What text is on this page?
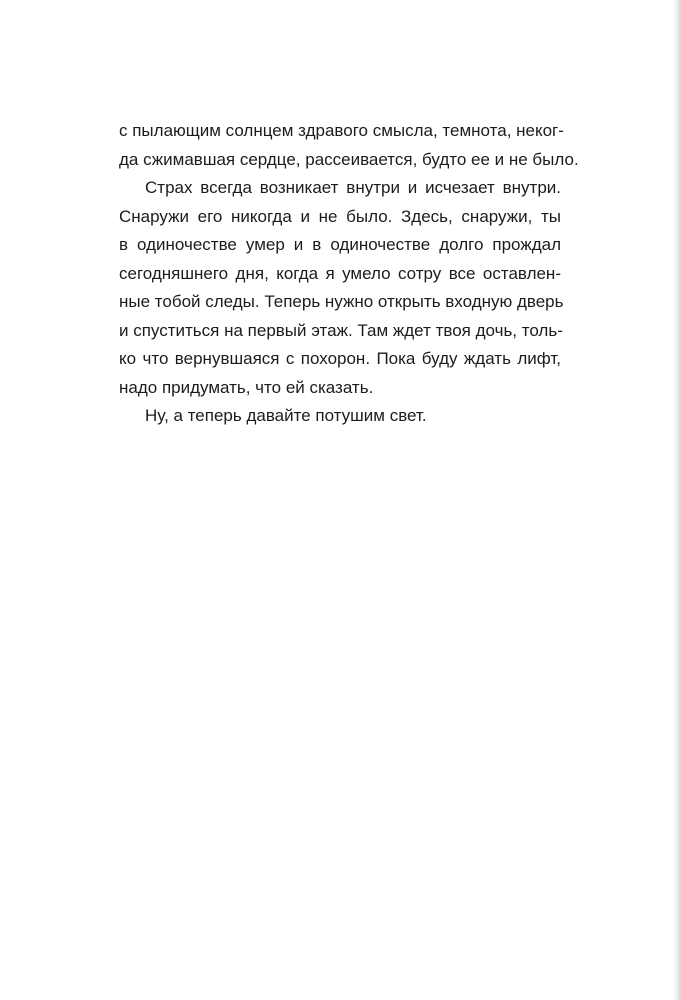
с пылающим солнцем здравого смысла, темнота, неког-
да сжимавшая сердце, рассеивается, будто ее и не было.

Страх всегда возникает внутри и исчезает внутри.
Снаружи его никогда и не было. Здесь, снаружи, ты
в одиночестве умер и в одиночестве долго прождал
сегодняшнего дня, когда я умело сотру все оставлен-
ные тобой следы. Теперь нужно открыть входную дверь
и спуститься на первый этаж. Там ждет твоя дочь, толь-
ко что вернувшаяся с похорон. Пока буду ждать лифт,
надо придумать, что ей сказать.

Ну, а теперь давайте потушим свет.
